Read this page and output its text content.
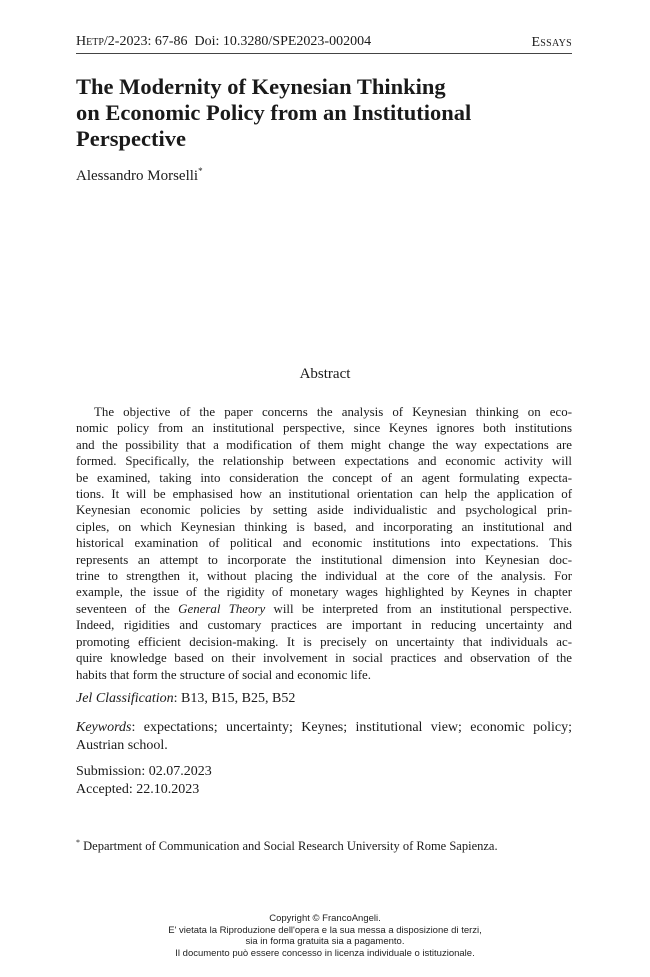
Hetp/2-2023: 67-86 Doi: 10.3280/SPE2023-002004	Essays
The Modernity of Keynesian Thinking
on Economic Policy from an Institutional
Perspective
Alessandro Morselli*
Abstract
The objective of the paper concerns the analysis of Keynesian thinking on eco-
nomic policy from an institutional perspective, since Keynes ignores both institutions
and the possibility that a modification of them might change the way expectations are
formed. Specifically, the relationship between expectations and economic activity will
be examined, taking into consideration the concept of an agent formulating expecta-
tions. It will be emphasised how an institutional orientation can help the application of
Keynesian economic policies by setting aside individualistic and psychological prin-
ciples, on which Keynesian thinking is based, and incorporating an institutional and
historical examination of political and economic institutions into expectations. This
represents an attempt to incorporate the institutional dimension into Keynesian doc-
trine to strengthen it, without placing the individual at the core of the analysis. For
example, the issue of the rigidity of monetary wages highlighted by Keynes in chapter
seventeen of the General Theory will be interpreted from an institutional perspective.
Indeed, rigidities and customary practices are important in reducing uncertainty and
promoting efficient decision-making. It is precisely on uncertainty that individuals ac-
quire knowledge based on their involvement in social practices and observation of the
habits that form the structure of social and economic life.
Jel Classification: B13, B15, B25, B52
Keywords: expectations; uncertainty; Keynes; institutional view; economic policy; Austrian school.
Submission: 02.07.2023
Accepted: 22.10.2023
* Department of Communication and Social Research University of Rome Sapienza.
Copyright © FrancoAngeli.
E' vietata la Riproduzione dell'opera e la sua messa a disposizione di terzi,
sia in forma gratuita sia a pagamento.
Il documento può essere concesso in licenza individuale o istituzionale.
